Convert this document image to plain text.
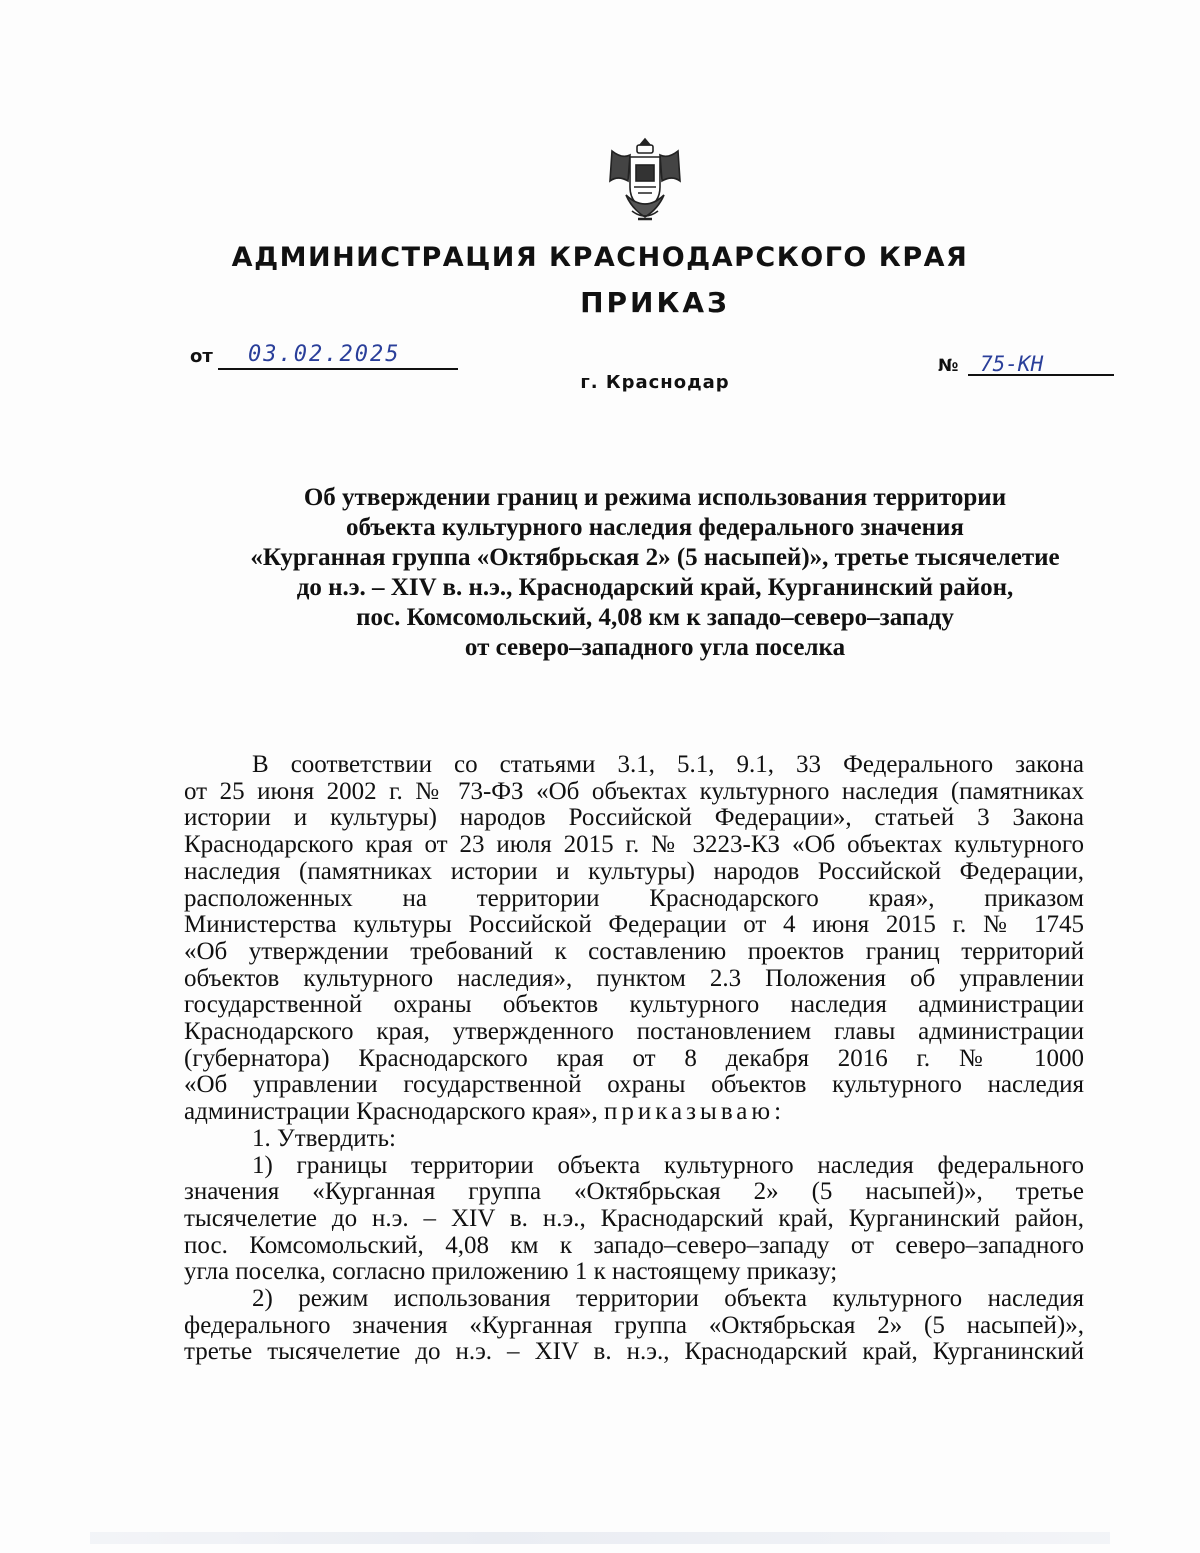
АДМИНИСТРАЦИЯ КРАСНОДАРСКОГО КРАЯ
ПРИКАЗ
от	03.02.2025
г. Краснодар
№	75-КН
Об утверждении границ и режима использования территории
объекта культурного наследия федерального значения
«Курганная группа «Октябрьская 2» (5 насыпей)», третье тысячелетие
до н.э. – XIV в. н.э., Краснодарский край, Курганинский район,
пос. Комсомольский, 4,08 км к западо–северо–западу
от северо–западного угла поселка
В соответствии со статьями 3.1, 5.1, 9.1, 33 Федерального закона
от 25 июня 2002 г. № 73-ФЗ «Об объектах культурного наследия (памятниках
истории и культуры) народов Российской Федерации», статьей 3 Закона
Краснодарского края от 23 июля 2015 г. № 3223-КЗ «Об объектах культурного
наследия (памятниках истории и культуры) народов Российской Федерации,
расположенных на территории Краснодарского края», приказом
Министерства культуры Российской Федерации от 4 июня 2015 г. № 1745
«Об утверждении требований к составлению проектов границ территорий
объектов культурного наследия», пунктом 2.3 Положения об управлении
государственной охраны объектов культурного наследия администрации
Краснодарского края, утвержденного постановлением главы администрации
(губернатора) Краснодарского края от 8 декабря 2016 г. № 1000
«Об управлении государственной охраны объектов культурного наследия
администрации Краснодарского края», приказываю:
1. Утвердить:
1) границы территории объекта культурного наследия федерального
значения «Курганная группа «Октябрьская 2» (5 насыпей)», третье
тысячелетие до н.э. – XIV в. н.э., Краснодарский край, Курганинский район,
пос. Комсомольский, 4,08 км к западо–северо–западу от северо–западного
угла поселка, согласно приложению 1 к настоящему приказу;
2) режим использования территории объекта культурного наследия
федерального значения «Курганная группа «Октябрьская 2» (5 насыпей)»,
третье тысячелетие до н.э. – XIV в. н.э., Краснодарский край, Курганинский
